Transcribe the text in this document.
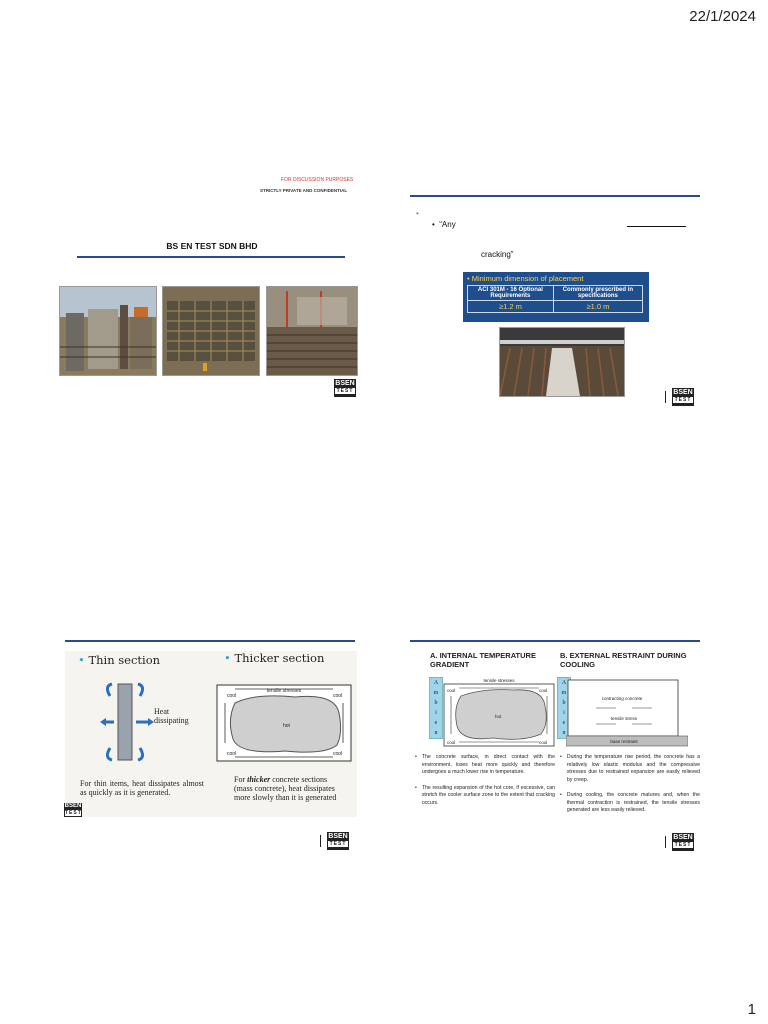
22/1/2024
1
FOR DISCUSSION PURPOSES
STRICTLY PRIVATE AND CONFIDENTIAL
BS EN TEST SDN BHD
BSEN
TEST
•
•  “Any
cracking”
• Minimum dimension of placement
ACI 301M - 16 Optional Requirements	Commonly prescribed in specifications
≥1.2 m	≥1.0 m
BSEN
TEST
• Thin section	• Thicker section
Heat dissipating
tensile stresses
cool	cool
cool	cool
hot
For thin items, heat dissipates almost as quickly as it is generated.
For thicker concrete sections (mass concrete), heat dissipates more slowly than it is generated
BSEN
TEST
BSEN
TEST
A. INTERNAL TEMPERATURE GRADIENT
B. EXTERNAL RESTRAINT DURING COOLING
A
m
b
i
e
n
tensile stresses
cool	cool
cool	cool
hot
A
m
b
i
e
n
contracting concrete
tensile stress
base restraint
• The concrete surface, in direct contact with the environment, loses heat more quickly and therefore undergoes a much lower rise in temperature.
• The resulting expansion of the hot core, if excessive, can stretch the cooler surface zone to the extent that cracking occurs.
• During the temperature rise period, the concrete has a relatively low elastic modulus and the compressive stresses due to restrained expansion are easily relieved by creep.
• During cooling, the concrete matures and, when the thermal contraction is restrained, the tensile stresses generated are less easily relieved.
BSEN
TEST
